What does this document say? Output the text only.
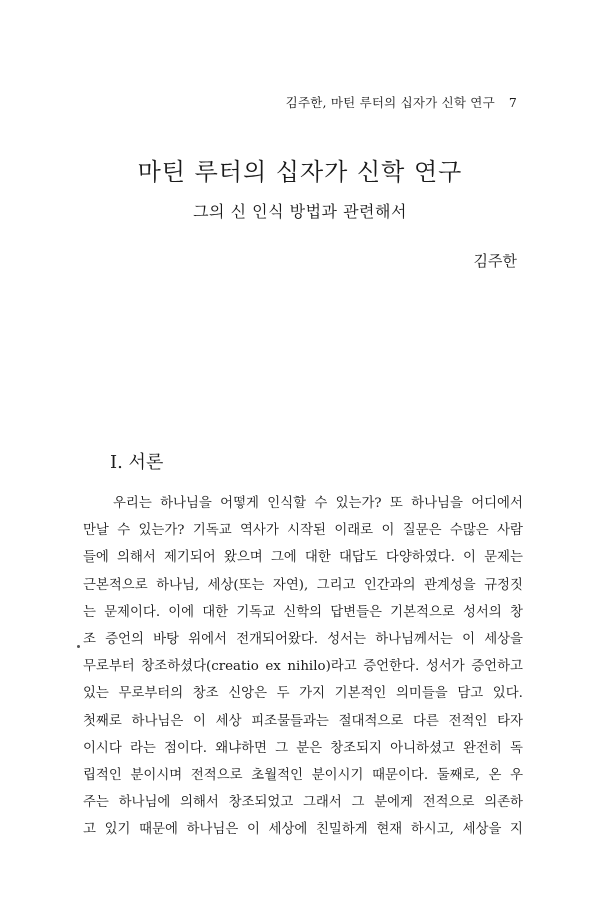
김주한, 마틴 루터의 십자가 신학 연구 7
마틴 루터의 십자가 신학 연구
그의 신 인식 방법과 관련해서
김주한
I. 서론
우리는 하나님을 어떻게 인식할 수 있는가? 또 하나님을 어디에서
만날 수 있는가? 기독교 역사가 시작된 이래로 이 질문은 수많은 사람
들에 의해서 제기되어 왔으며 그에 대한 대답도 다양하였다. 이 문제는
근본적으로 하나님, 세상(또는 자연), 그리고 인간과의 관계성을 규정짓
는 문제이다. 이에 대한 기독교 신학의 답변들은 기본적으로 성서의 창
조 증언의 바탕 위에서 전개되어왔다. 성서는 하나님께서는 이 세상을
무로부터 창조하셨다(creatio ex nihilo)라고 증언한다. 성서가 증언하고
있는 무로부터의 창조 신앙은 두 가지 기본적인 의미들을 담고 있다.
첫째로 하나님은 이 세상 피조물들과는 절대적으로 다른 전적인 타자
이시다 라는 점이다. 왜냐하면 그 분은 창조되지 아니하셨고 완전히 독
립적인 분이시며 전적으로 초월적인 분이시기 때문이다. 둘째로, 온 우
주는 하나님에 의해서 창조되었고 그래서 그 분에게 전적으로 의존하
고 있기 때문에 하나님은 이 세상에 친밀하게 현재 하시고, 세상을 지
